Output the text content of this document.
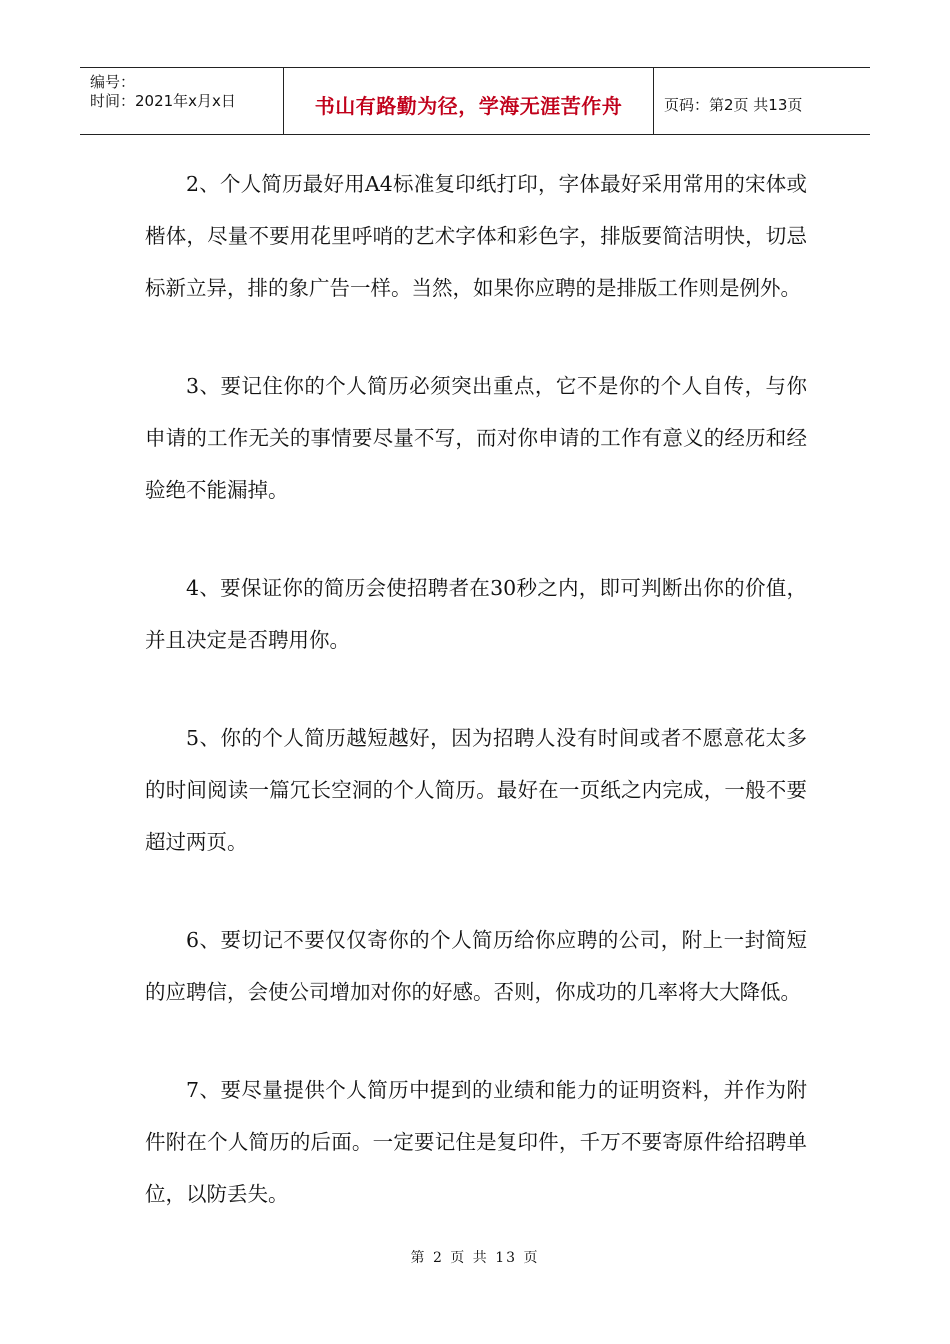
编号：
时间：2021年x月x日	书山有路勤为径，学海无涯苦作舟	页码：第2页 共13页

2、个人简历最好用A4标准复印纸打印，字体最好采用常用的宋体或楷体，尽量不要用花里呼哨的艺术字体和彩色字，排版要简洁明快，切忌标新立异，排的象广告一样。当然，如果你应聘的是排版工作则是例外。

3、要记住你的个人简历必须突出重点，它不是你的个人自传，与你申请的工作无关的事情要尽量不写，而对你申请的工作有意义的经历和经验绝不能漏掉。

4、要保证你的简历会使招聘者在30秒之内，即可判断出你的价值，并且决定是否聘用你。

5、你的个人简历越短越好，因为招聘人没有时间或者不愿意花太多的时间阅读一篇冗长空洞的个人简历。最好在一页纸之内完成，一般不要超过两页。

6、要切记不要仅仅寄你的个人简历给你应聘的公司，附上一封简短的应聘信，会使公司增加对你的好感。否则，你成功的几率将大大降低。

7、要尽量提供个人简历中提到的业绩和能力的证明资料，并作为附件附在个人简历的后面。一定要记住是复印件，千万不要寄原件给招聘单位，以防丢失。

第 2 页 共 13 页
